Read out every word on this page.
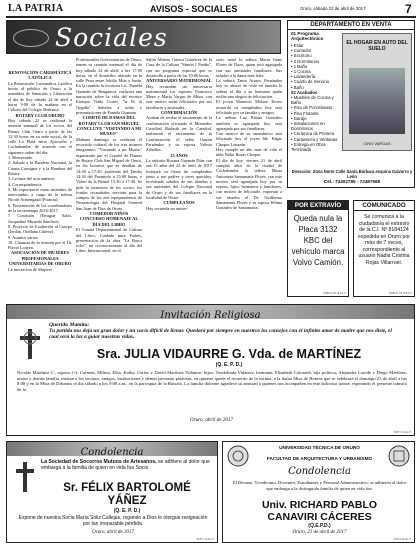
LA PATRIA	AVISOS - SOCIALES	Oruro, sábado 22 de abril de 2017	7
Sociales
RENOVACIÓN CARISMÁTICA CATÓLICA

La Renovación Carismática Católica invita al público de Oruro a la asamblea de Sanación y Liberación el día de hoy sábado 22 de abril a horas 9:00 de la mañana en el Coliseo del Colegio Bethania.

ROTARY CLUB ORURO

Hoy sábado 22 se realizará la reunión semanal de los socios del Rotary Club Oruro a partir de las 12:30 horas en su sede social, de la calle La Plata entre Ayacucho y Cochabamba, de acuerdo con el siguiente orden del día:

1. Bienvenida.

2. Saludo a la Bandera Nacional, la Cuarta Consigna y a la Bandera del Rotary.

3. Lectura del acta anterior.

4. Correspondencia.

5. Mi experiencia como miembro de intercambio a cargo de la señora Nicole Armengaud (Francia).

6. Presentación de los coordinadores de la terceraetapa 2016-2017.

7. Comisión (Emigrar Salas, Jacqueline Miranda Sanchez).

8. Proyecto de Exaltación al Cuerpo (Jordán, Orellana Chávez).

9. Asuntos varios.

10. Clausura de la reunión por el Dr. Flavio Loayza.

ASOCIACIÓN DE MUJERES PROFESIONALES UNIVERSITARIAS DE ORURO

La asociación de Mujeres

Profesionales Universitarias de Oruro, tienen su reunión mensual el día de hoy sábado 22 de abril, a hrs 17:00 horas, en el domicilio ubicado en la calle Petot entre Adolfo Mier y Junín. En la reunión la escritora Lic. Pamela Guzmán de Rengamos, realizará una narración sobre la vida del escritor Enrique Viaña Cortés, "la Fe al Orgullo". Saludos a todas y presentaciones de Pamela Guzmán.

COMITÉ DE DAMAS DEL ROTARY CLUB SAN MIGUEL CONCLUYE "VISITANDO A MI MUSEO"

Mañana domingo se realizará el recorrido cultural de los tres museos integrantes, "Visitando a mi Museo" organizado por el Comité de Damas de Rotary Club San Miguel de Oruro, en los horarios que se detallan de 14:30 a 17:30, partiendo del Tambo 14:30 del Paraninfo a 15:00 horas, y Vídeo de la Bienal 15:30 a 17:30. Se pide la asistencia de los socios, los fondos recaudados servirán para la compra de los dos equipamientos de Neonatología del Hospital General San Juan de Dios de Oruro.

COMEDOR NIÑOS
CONCURSO HOMENAJE AL DÍA DEL LIBRO

El Comité Departamental de Cultura del Libro, Cuidado para Padres, presentación de la obra "La Barca ocho", en reconocimiento al día del Libro, Internacional, en el

Salón Alberto Guerra Gutiérrez de la Casa de la Cultura "Simón I Patiño", con un programa especial que se desarrolla a partir de las 19:00 horas.

ANIVERSARIO MATRIMONIAL

Hoy recuerdan un aniversario matrimonial los esposos Francisco Meza y Marta Vargas de Meza, con este motivo serán felicitados por sus familiares y amistades.

CONFIRMACIÓN

Acaban de recibir el sacramento de la confirmación oficiando el Monseñor Cristóbal Bialasik en la Catedral, realizaron el sacramento de la Confirmación, el señor Gastón Fernández y su esposa Valeria Zeballos.

15 AÑOS

La señorita Rosana Guzmán Díaz con sus 15 años del 22 de abril de 2017 festejará su fiesta de cumpleaños junto a sus padres y seres queridos, recibiendo saludos de sus abuelos y sus amistades del Colegio Nacional de Oruro y de sus familiares en la localidad de Oruro.

CUMPLEAÑOS

Hoy recuerda un aniver-

sario natal la señora Maria Irene Flores de Daza, quien será agasajada con sus amistades familiares. Sus saludos a la dama más feliz.

La señora Tania Arrayo Fernández hoy es ahorro de vida en familia la señora el día a su hermana quién recibe una alegría de felicitación.

El joven Mauricio Molina Torrez recuerda su cumpleaños hoy será felicitado por su familia y amigos.

La señora Luz Palma Gonzales también es agasajada hoy será agasajada por sus familiares.

Con motivo de su onomástico será felicitado hoy el joven Ide. Edgar Choque Lonazán.

Hoy cumple un año más de vida el niño Nahir Rosas Choque.

El día de hoy, viernes 21 de abril cumplió años en la ciudad de Cochabamba la señora Marta Antonieta Santamaría Flores, con este motivo será agasajada hoy por su esposo, hijos, hermanos y familiares, con motivo de felicitarle, expresan a sus abuelos el Dr. Guillermo Santamaría Flores y su esposa Wilma Gonzales de Santamaría.

DEPARTAMENTO EN VENTA
01 Programa Arquitectónico
• Estar
• Comedor
• Escritorio
• 2 Dormitorios
• 1 Baño
• 1 Cocina
• Lavandería
• Cuarto de Servicio
• Baño
02 Acabados
• Muebles de Cocina y Baño
• Piso de Porcelanato
• Piso Flotante
• Garaje
• Instalaciones en Dormitorios
• Cerámica de Primera
• Carpintería y Ventanas
• Entrega en Obra Terminada
EL HOGAR EN AUTO DEL SUELO
CIRO VARGAS
Dirección: Zona Norte Calle Santa Bárbara esquina Galvarro y León
Cel.: 73402785 - 72487968
POR EXTRAVÍO
Queda nula la Placa 3132 KBC del vehículo marca Volvo Camión.
PUBLIC ID 18-04-17
COMUNICADO
Se comunica a la ciudadanía el extravío de la C.I. Nº 8184124 expedida en Oruro por más de 7 veces, correspondiente al usuario Nadia Cristina Rojas Villarroel.
PUBLIC ID 18-04-17
Invitación Religiosa
Querida Mamita:
Tu partida nos deja un gran dolor y un vacío difícil de llenar. Quedará por siempre en nuestros los consejos con el infinito amor de madre que nos diste, el cual será la luz a guiar nuestras vidas.
Sra. JULIA VIDAURRE G. Vda. de MARTÍNEZ
(Q. E. P. D.)
Nicolás Martínez C., esposo (+); Carmen, Milton, Elba, Kathy, Carlos y David Martínez Vidaurre, hijos; Teodolinda Vidaurre, hermana; Elizabeth Coloradó, hija política; Alejandra Loredo y Diego Martínez, nietos y demás familia, invitan a los vecinos, amigos, instituciones y demás personas piadosas, en quienes quede el recuerdo de la extinta, a la Santa Misa de Honras que se celebrará el domingo 23 de abril a hrs 8:00 y en la Misa de Difuntos el día sábado a hrs 9:00 a.m., en la parroquia de la Ruisala. La familia doliente agradece su amistad a quienes nos acompañen en este doloroso trance, esperando el presente tránsito de fe.
Oruro, abril de 2017
B1871 18-04-17
Condolencia
La Sociedad de Socorros Mutuos de Artesanos, se adhiere al dolor que embarga a la familia de quien en vida fue Socio
Sr. FÉLIX BARTOLOMÉ
YÁÑEZ
(Q. E. P. D.)
Expone de nuestra Socia María Soliz Callejas, rogando a Dios le otorgue resignación por tan irreparable pérdida.
Oruro, abril de 2017
B1877 18-04-17
UNIVERSIDAD TÉCNICA DE ORURO
FACULTAD DE ARQUITECTURA Y URBANISMO
Condolencia
El Decano, Vicedecano, Docentes, Estudiantes y Personal Administrativo, se adhieren al dolor que embarga a la distinguida familia de quien en vida fue:
Univ. RICHARD PABLO
CANAVIRI CÁCERES
(Q.E.P.D.)
Oruro, 21 de abril de 2017
B1873 18-04-17
